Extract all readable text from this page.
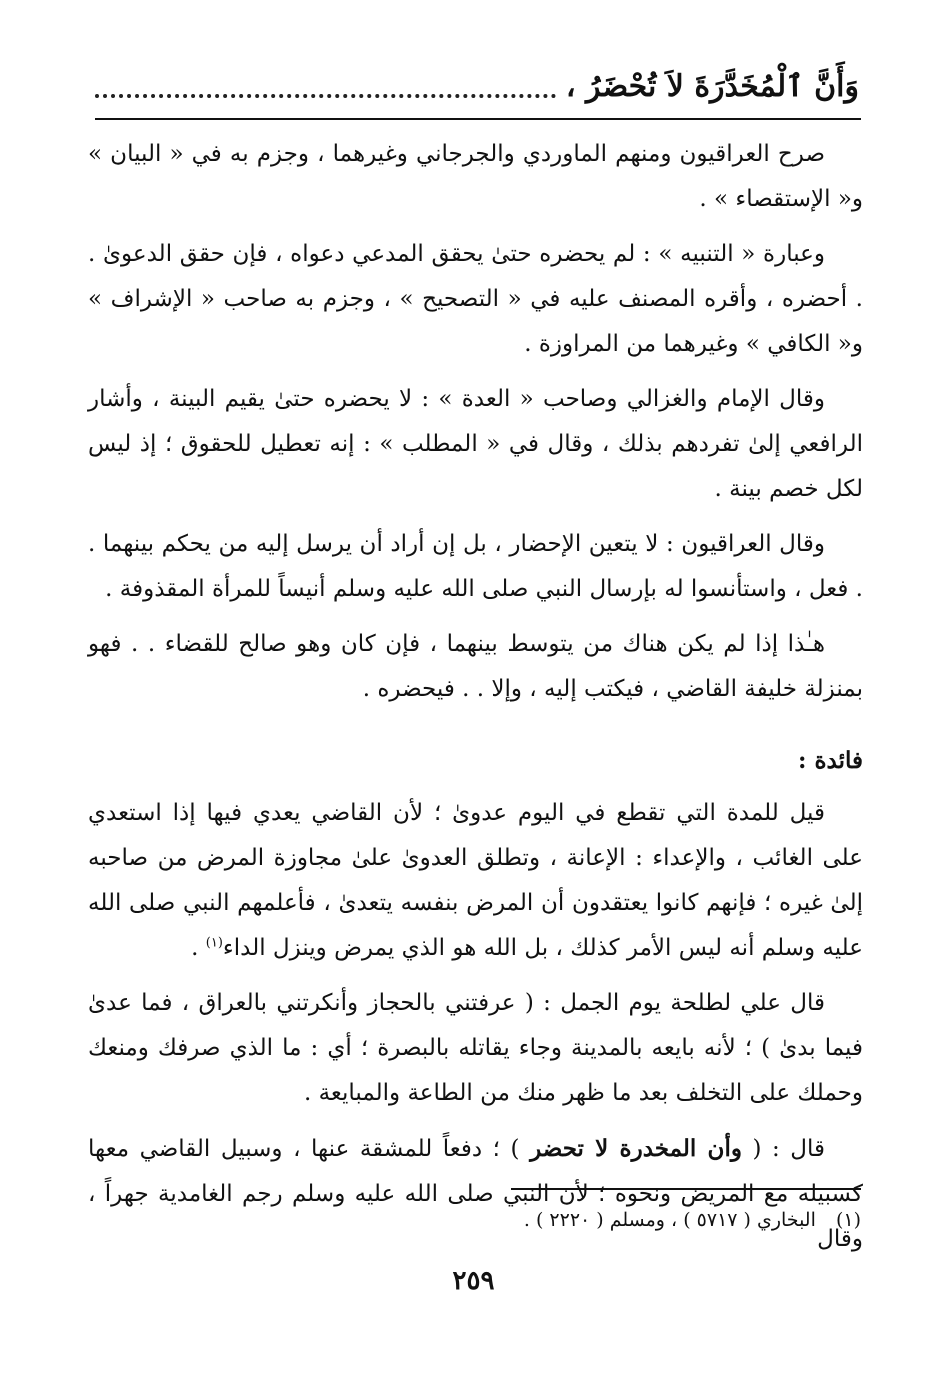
وَأَنَّ ٱلْمُخَدَّرَةَ لاَ تُحْضَرُ ،

صرح العراقيون ومنهم الماوردي والجرجاني وغيرهما ، وجزم به في « البيان » و« الإستقصاء » .

وعبارة « التنبيه » : لم يحضره حتىٰ يحقق المدعي دعواه ، فإن حقق الدعوىٰ . . أحضره ، وأقره المصنف عليه في « التصحيح » ، وجزم به صاحب « الإشراف » و« الكافي » وغيرهما من المراوزة .

وقال الإمام والغزالي وصاحب « العدة » : لا يحضره حتىٰ يقيم البينة ، وأشار الرافعي إلىٰ تفردهم بذلك ، وقال في « المطلب » : إنه تعطيل للحقوق ؛ إذ ليس لكل خصم بينة .

وقال العراقيون : لا يتعين الإحضار ، بل إن أراد أن يرسل إليه من يحكم بينهما . . فعل ، واستأنسوا له بإرسال النبي صلى الله عليه وسلم أنيساً للمرأة المقذوفة .

هـٰذا إذا لم يكن هناك من يتوسط بينهما ، فإن كان وهو صالح للقضاء . . فهو بمنزلة خليفة القاضي ، فيكتب إليه ، وإلا . . فيحضره .

فائدة :

قيل للمدة التي تقطع في اليوم عدوىٰ ؛ لأن القاضي يعدي فيها إذا استعدي على الغائب ، والإعداء : الإعانة ، وتطلق العدوىٰ علىٰ مجاوزة المرض من صاحبه إلىٰ غيره ؛ فإنهم كانوا يعتقدون أن المرض بنفسه يتعدىٰ ، فأعلمهم النبي صلى الله عليه وسلم أنه ليس الأمر كذلك ، بل الله هو الذي يمرض وينزل الداء$^{(١)}$ .

قال علي لطلحة يوم الجمل : ( عرفتني بالحجاز وأنكرتني بالعراق ، فما عدىٰ فيما بدىٰ ) ؛ لأنه بايعه بالمدينة وجاء يقاتله بالبصرة ؛ أي : ما الذي صرفك ومنعك وحملك على التخلف بعد ما ظهر منك من الطاعة والمبايعة .

قال : ( وأن المخدرة لا تحضر ) ؛ دفعاً للمشقة عنها ، وسبيل القاضي معها كسبيله مع المريض ونحوه ؛ لأن النبي صلى الله عليه وسلم رجم الغامدية جهراً ، وقال

(١) البخاري ( ٥٧١٧ ) ، ومسلم ( ٢٢٢٠ ) .
٢٥٩
